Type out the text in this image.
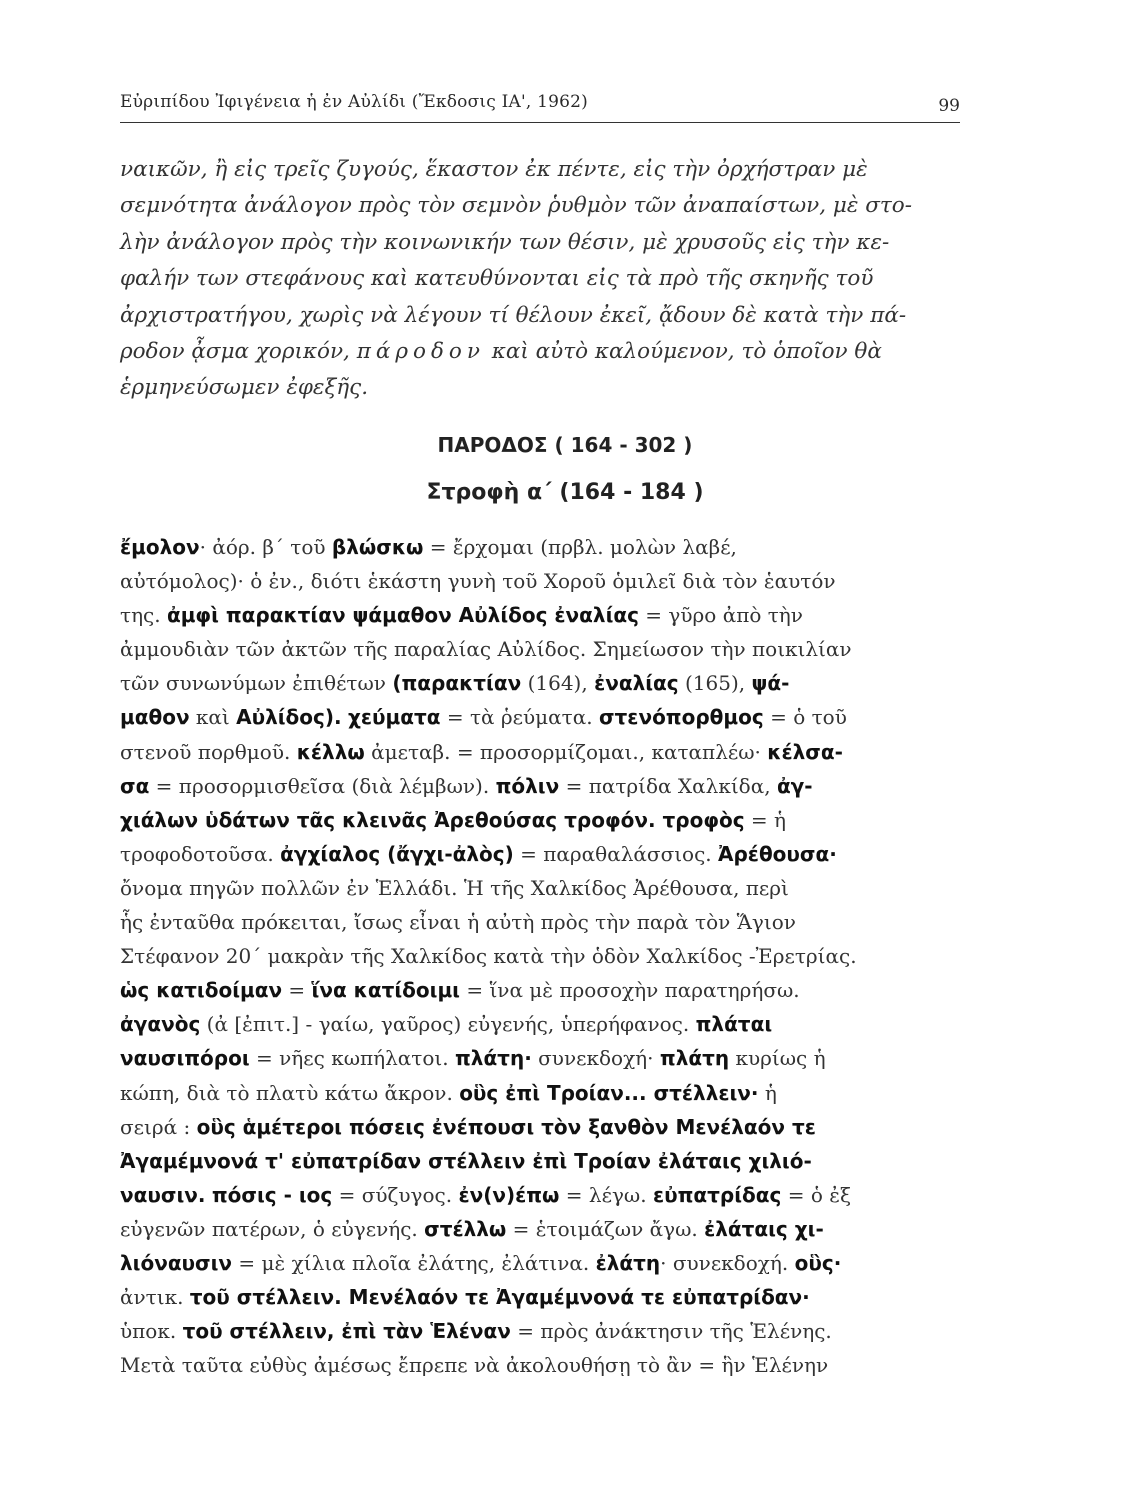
Εὐριπίδου Ἰφιγένεια ἡ ἐν Αὐλίδι (Ἔκδοσις ΙΑ', 1962)	99
ναικῶν, ἢ εἰς τρεῖς ζυγούς, ἕκαστον ἐκ πέντε, εἰς τὴν ὀρχήστραν μὲ
σεμνότητα ἀνάλογον πρὸς τὸν σεμνὸν ῥυθμὸν τῶν ἀναπαίστων, μὲ στο-
λὴν ἀνάλογον πρὸς τὴν κοινωνικήν των θέσιν, μὲ χρυσοῦς εἰς τὴν κε-
φαλήν των στεφάνους καὶ κατευθύνονται εἰς τὰ πρὸ τῆς σκηνῆς τοῦ
ἀρχιστρατήγου, χωρὶς νὰ λέγουν τί θέλουν ἐκεῖ, ᾄδουν δὲ κατὰ τὴν πά-
ροδον ᾆσμα χορικόν, πάροδον καὶ αὐτὸ καλούμενον, τὸ ὁποῖον θὰ
ἑρμηνεύσωμεν ἐφεξῆς.
ΠΑΡΟΔΟΣ ( 164 - 302 )
Στροφὴ α΄ (164 - 184 )
ἔμολον· ἀόρ. β΄ τοῦ βλώσκω = ἔρχομαι (πρβλ. μολὼν λαβέ,
αὐτόμολος)· ὁ ἐν., διότι ἑκάστη γυνὴ τοῦ Χοροῦ ὁμιλεῖ διὰ τὸν ἑαυτόν
της. ἀμφὶ παρακτίαν ψάμαθον Αὐλίδος ἐναλίας = γῦρο ἀπὸ τὴν
ἀμμουδιὰν τῶν ἀκτῶν τῆς παραλίας Αὐλίδος. Σημείωσον τὴν ποικιλίαν
τῶν συνωνύμων ἐπιθέτων (παρακτίαν (164), ἐναλίας (165), ψά-
μαθον καὶ Αὐλίδος). χεύματα = τὰ ῥεύματα. στενόπορθμος = ὁ τοῦ
στενοῦ πορθμοῦ. κέλλω ἀμεταβ. = προσορμίζομαι., καταπλέω· κέλσα-
σα = προσορμισθεῖσα (διὰ λέμβων). πόλιν = πατρίδα Χαλκίδα, ἀγ-
χιάλων ὑδάτων τᾶς κλεινᾶς Ἀρεθούσας τροφόν. τροφὸς = ἡ
τροφοδοτοῦσα. ἀγχίαλος (ἄγχι-ἀλὸς) = παραθαλάσσιος. Ἀρέθουσα·
ὄνομα πηγῶν πολλῶν ἐν Ἑλλάδι. Ἡ τῆς Χαλκίδος Ἀρέθουσα, περὶ
ἧς ἐνταῦθα πρόκειται, ἴσως εἶναι ἡ αὐτὴ πρὸς τὴν παρὰ τὸν Ἅγιον
Στέφανον 20΄ μακρὰν τῆς Χαλκίδος κατὰ τὴν ὁδὸν Χαλκίδος -Ἐρετρίας.
ὡς κατιδοίμαν = ἵνα κατίδοιμι = ἵνα μὲ προσοχὴν παρατηρήσω.
ἀγανὸς (ἀ [ἐπιτ.] - γαίω, γαῦρος) εὐγενής, ὑπερήφανος. πλάται
ναυσιπόροι = νῆες κωπήλατοι. πλάτη· συνεκδοχή· πλάτη κυρίως ἡ
κώπη, διὰ τὸ πλατὺ κάτω ἄκρον. οὓς ἐπὶ Τροίαν... στέλλειν· ἡ
σειρά : οὓς ἁμέτεροι πόσεις ἐνέπουσι τὸν ξανθὸν Μενέλαόν τε
Ἀγαμέμνονά τ' εὐπατρίδαν στέλλειν ἐπὶ Τροίαν ἐλάταις χιλιό-
ναυσιν. πόσις - ιος = σύζυγος. ἐν(ν)έπω = λέγω. εὐπατρίδας = ὁ ἐξ
εὐγενῶν πατέρων, ὁ εὐγενής. στέλλω = ἑτοιμάζων ἄγω. ἐλάταις χι-
λιόναυσιν = μὲ χίλια πλοῖα ἐλάτης, ἐλάτινα. ἐλάτη· συνεκδοχή. οὓς·
ἀντικ. τοῦ στέλλειν. Μενέλαόν τε Ἀγαμέμνονά τε εὐπατρίδαν·
ὑποκ. τοῦ στέλλειν, ἐπὶ τὰν Ἑλέναν = πρὸς ἀνάκτησιν τῆς Ἑλένης.
Μετὰ ταῦτα εὐθὺς ἀμέσως ἔπρεπε νὰ ἀκολουθήσῃ τὸ ἂν = ἣν Ἑλένην
